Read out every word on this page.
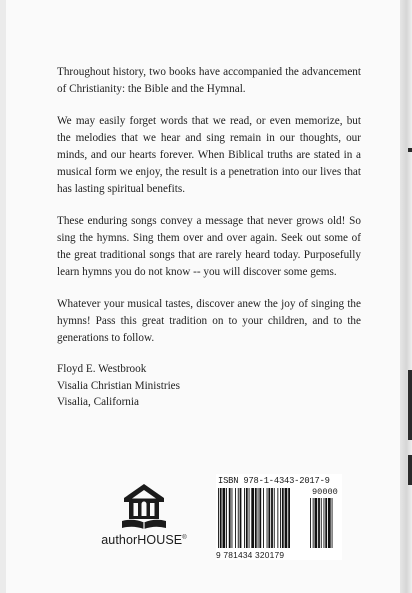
Throughout history, two books have accompanied the advancement of Christianity: the Bible and the Hymnal.

We may easily forget words that we read, or even memorize, but the melodies that we hear and sing remain in our thoughts, our minds, and our hearts forever. When Biblical truths are stated in a musical form we enjoy, the result is a penetration into our lives that has lasting spiritual benefits.

These enduring songs convey a message that never grows old! So sing the hymns. Sing them over and over again. Seek out some of the great traditional songs that are rarely heard today. Purposefully learn hymns you do not know -- you will discover some gems.

Whatever your musical tastes, discover anew the joy of singing the hymns! Pass this great tradition on to your children, and to the generations to follow.

Floyd E. Westbrook
Visalia Christian Ministries
Visalia, California
authorHOUSE®
ISBN 978-1-4343-2017-9
90000
9 781434 320179
